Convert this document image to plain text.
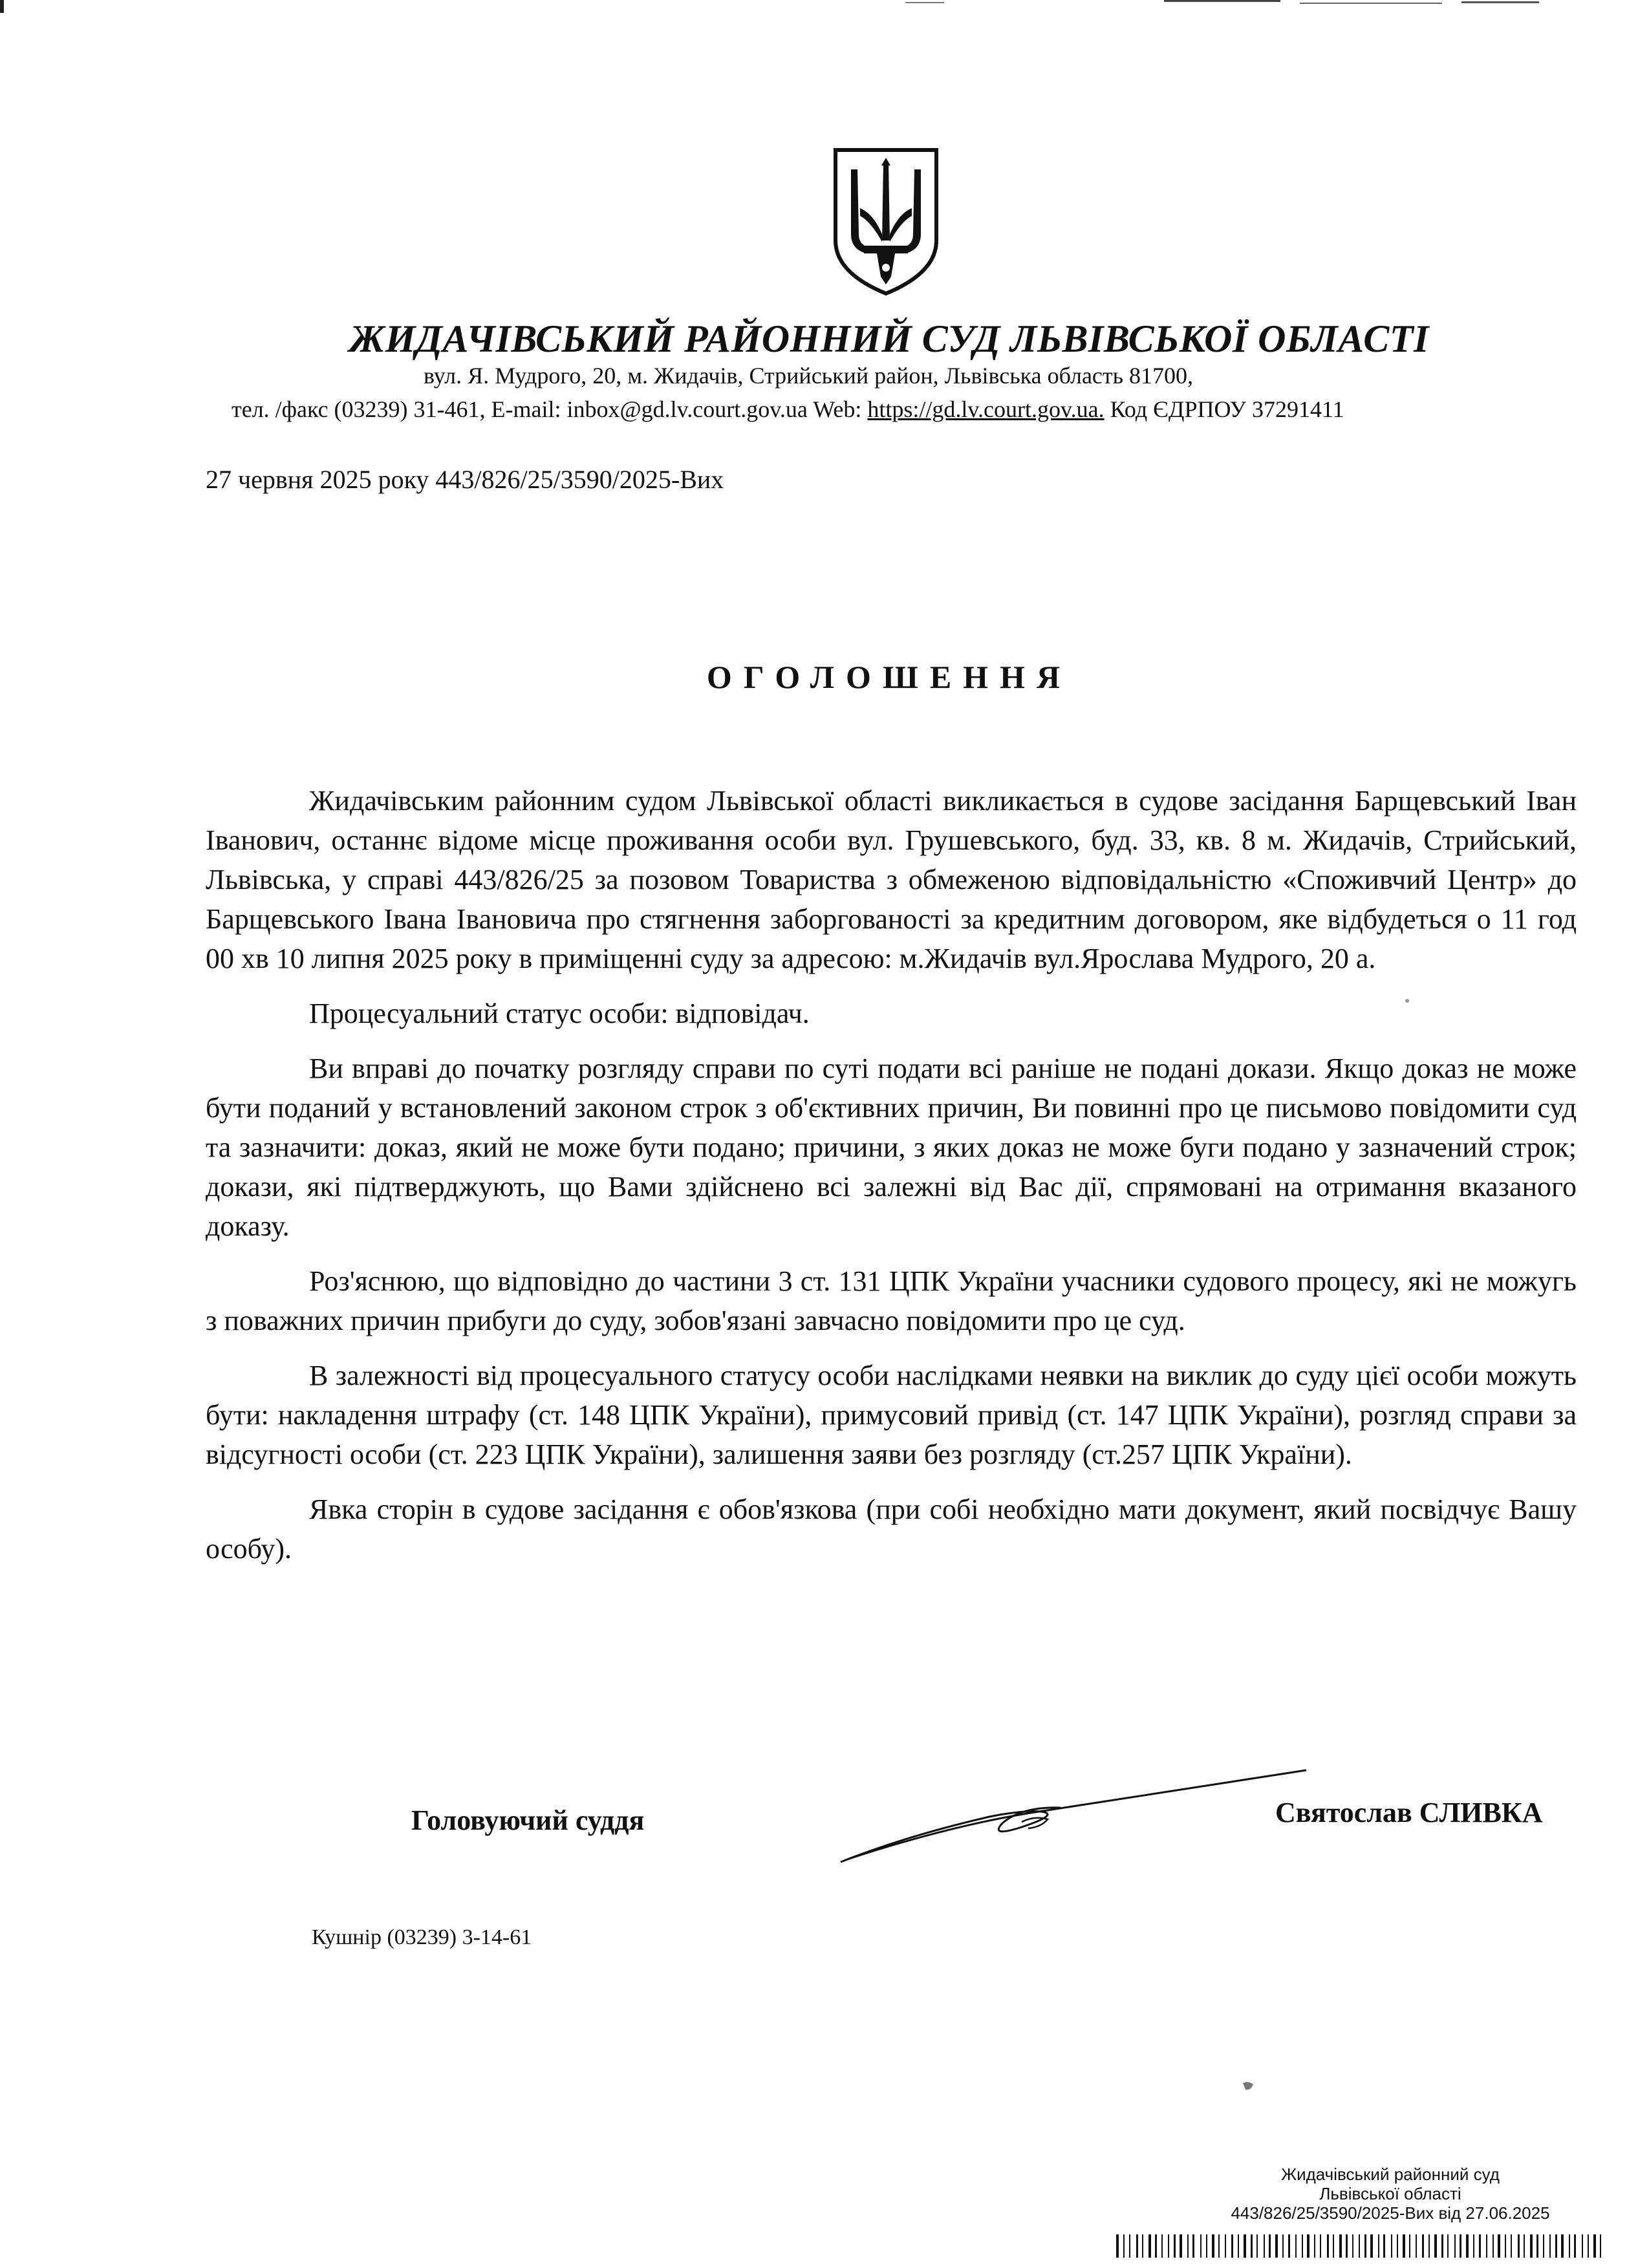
ЖИДАЧІВСЬКИЙ РАЙОННИЙ СУД ЛЬВІВСЬКОЇ ОБЛАСТІ
вул. Я. Мудрого, 20, м. Жидачів, Стрийський район, Львівська область 81700,
тел. /факс (03239) 31-461, E-mail: inbox@gd.lv.court.gov.ua Web: https://gd.lv.court.gov.ua. Код ЄДРПОУ 37291411
27 червня 2025 року 443/826/25/3590/2025-Вих
ОГОЛОШЕННЯ

Жидачівським районним судом Львівської області викликається в судове засідання Барщевський Іван Іванович, останнє відоме місце проживання особи вул. Грушевського, буд. 33, кв. 8 м. Жидачів, Стрийський, Львівська, у справі 443/826/25 за позовом Товариства з обмеженою відповідальністю «Споживчий Центр» до Барщевського Івана Івановича про стягнення заборгованості за кредитним договором, яке відбудеться о 11 год 00 хв 10 липня 2025 року в приміщенні суду за адресою: м.Жидачів вул.Ярослава Мудрого, 20 а.

Процесуальний статус особи: відповідач.

Ви вправі до початку розгляду справи по суті подати всі раніше не подані докази. Якщо доказ не може бути поданий у встановлений законом строк з об'єктивних причин, Ви повинні про це письмово повідомити суд та зазначити: доказ, який не може бути подано; причини, з яких доказ не може буги подано у зазначений строк; докази, які підтверджують, що Вами здійснено всі залежні від Вас дії, спрямовані на отримання вказаного доказу.

Роз'яснюю, що відповідно до частини 3 ст. 131 ЦПК України учасники судового процесу, які не можугь з поважних причин прибуги до суду, зобов'язані завчасно повідомити про це суд.

В залежності від процесуального статусу особи наслідками неявки на виклик до суду цієї особи можуть бути: накладення штрафу (ст. 148 ЦПК України), примусовий привід (ст. 147 ЦПК України), розгляд справи за відсугності особи (ст. 223 ЦПК України), залишення заяви без розгляду (ст.257 ЦПК України).

Явка сторін в судове засідання є обов'язкова (при собі необхідно мати документ, який посвідчує Вашу особу).

Головуючий суддя	Святослав СЛИВКА
Кушнір (03239) 3-14-61
Жидачівський районний суд
Львівської області
443/826/25/3590/2025-Вих від 27.06.2025
